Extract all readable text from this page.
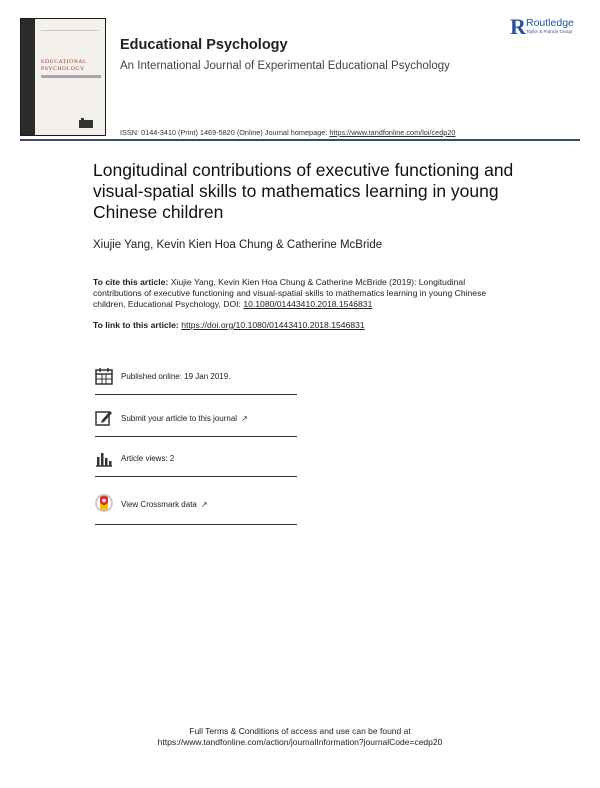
EDUCATIONAL PSYCHOLOGY
Educational Psychology

An International Journal of Experimental Educational Psychology

R Routledge
Taylor & Francis Group
ISSN: 0144-3410 (Print) 1469-5820 (Online) Journal homepage: https://www.tandfonline.com/loi/cedp20
Longitudinal contributions of executive functioning and visual-spatial skills to mathematics learning in young Chinese children
Xiujie Yang, Kevin Kien Hoa Chung & Catherine McBride
To cite this article: Xiujie Yang, Kevin Kien Hoa Chung & Catherine McBride (2019): Longitudinal contributions of executive functioning and visual-spatial skills to mathematics learning in young Chinese children, Educational Psychology, DOI: 10.1080/01443410.2018.1546831
To link to this article: https://doi.org/10.1080/01443410.2018.1546831
Published online: 19 Jan 2019.
Submit your article to this journal ↗
Article views: 2
View Crossmark data ↗
Full Terms & Conditions of access and use can be found at
https://www.tandfonline.com/action/journalInformation?journalCode=cedp20
